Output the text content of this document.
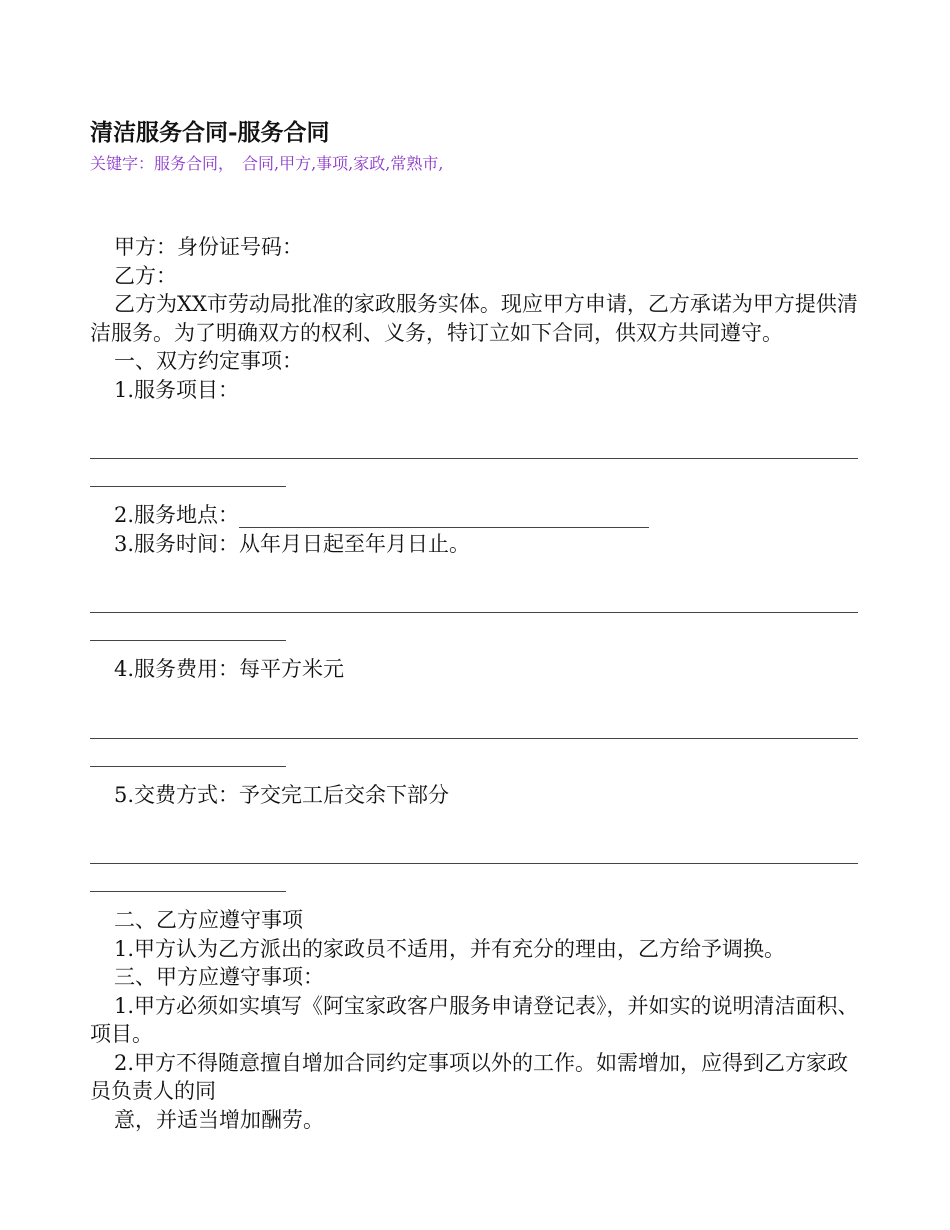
清洁服务合同-服务合同
关键字：服务合同，　合同,甲方,事项,家政,常熟市,

甲方：身份证号码：

乙方：

乙方为XX市劳动局批准的家政服务实体。现应甲方申请，乙方承诺为甲方提供清洁服务。为了明确双方的权利、义务，特订立如下合同，供双方共同遵守。

一、双方约定事项：

1.服务项目：

2.服务地点：

3.服务时间：从年月日起至年月日止。

4.服务费用：每平方米元

5.交费方式：予交完工后交余下部分

二、乙方应遵守事项

1.甲方认为乙方派出的家政员不适用，并有充分的理由，乙方给予调换。

三、甲方应遵守事项：

1.甲方必须如实填写《阿宝家政客户服务申请登记表》，并如实的说明清洁面积、项目。

2.甲方不得随意擅自增加合同约定事项以外的工作。如需增加，应得到乙方家政员负责人的同

意，并适当增加酬劳。
